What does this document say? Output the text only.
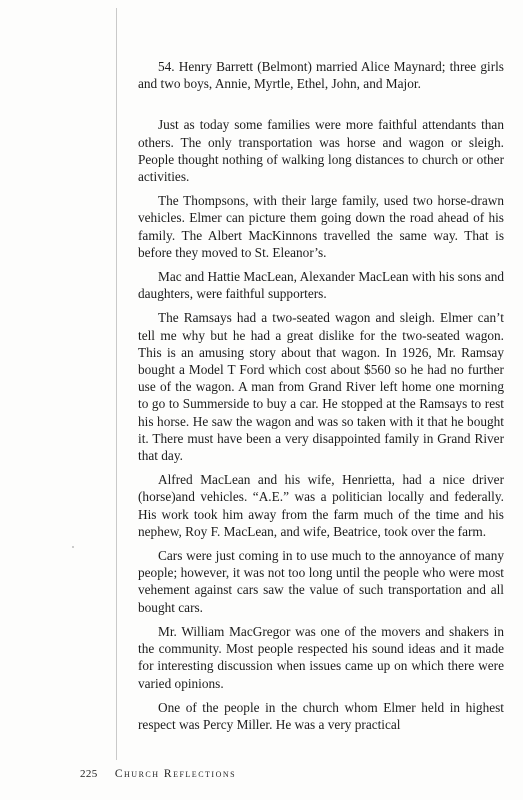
54. Henry Barrett (Belmont) married Alice Maynard; three girls and two boys, Annie, Myrtle, Ethel, John, and Major.

Just as today some families were more faithful attendants than others. The only transportation was horse and wagon or sleigh. People thought nothing of walking long distances to church or other activities.

The Thompsons, with their large family, used two horse-drawn vehicles. Elmer can picture them going down the road ahead of his family. The Albert MacKinnons travelled the same way. That is before they moved to St. Eleanor’s.

Mac and Hattie MacLean, Alexander MacLean with his sons and daughters, were faithful supporters.

The Ramsays had a two-seated wagon and sleigh. Elmer can’t tell me why but he had a great dislike for the two-seated wagon. This is an amusing story about that wagon. In 1926, Mr. Ramsay bought a Model T Ford which cost about $560 so he had no further use of the wagon. A man from Grand River left home one morning to go to Summerside to buy a car. He stopped at the Ramsays to rest his horse. He saw the wagon and was so taken with it that he bought it. There must have been a very disappointed family in Grand River that day.

Alfred MacLean and his wife, Henrietta, had a nice driver (horse)and vehicles. “A.E.” was a politician locally and federally. His work took him away from the farm much of the time and his nephew, Roy F. MacLean, and wife, Beatrice, took over the farm.

Cars were just coming in to use much to the annoyance of many people; however, it was not too long until the people who were most vehement against cars saw the value of such transportation and all bought cars.

Mr. William MacGregor was one of the movers and shakers in the community. Most people respected his sound ideas and it made for interesting discussion when issues came up on which there were varied opinions.

One of the people in the church whom Elmer held in highest respect was Percy Miller. He was a very practical

225 Church Reflections
